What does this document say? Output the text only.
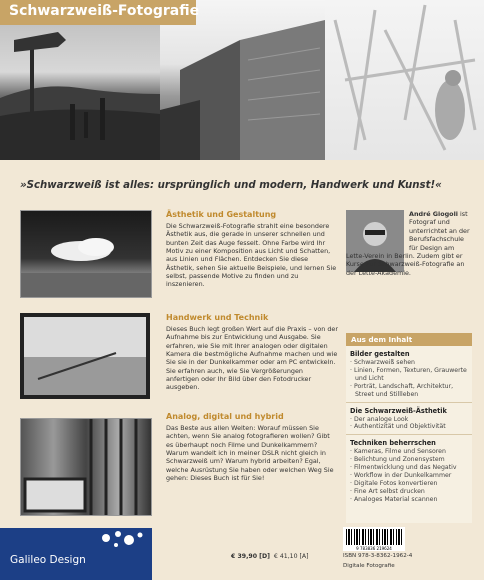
Schwarzweiß-Fotografie
»Schwarzweiß ist alles: ursprünglich und modern, Handwerk und Kunst!«
Ästhetik und Gestaltung

Die Schwarzweiß-Fotografie strahlt eine besondere Ästhetik aus, die gerade in unserer schnellen und bunten Zeit das Auge fesselt. Ohne Farbe wird Ihr Motiv zu einer Komposition aus Licht und Schatten, aus Linien und Flächen. Entdecken Sie diese Ästhetik, sehen Sie aktuelle Beispiele, und lernen Sie selbst, passende Motive zu finden und zu inszenieren.

Handwerk und Technik

Dieses Buch legt großen Wert auf die Praxis – von der Aufnahme bis zur Entwicklung und Ausgabe. Sie erfahren, wie Sie mit Ihrer analogen oder digitalen Kamera die bestmögliche Aufnahme machen und wie Sie sie in der Dunkelkammer oder am PC entwickeln. Sie erfahren auch, wie Sie Vergrößerungen anfertigen oder Ihr Bild über den Fotodrucker ausgeben.

Analog, digital und hybrid

Das Beste aus allen Welten: Worauf müssen Sie achten, wenn Sie analog fotografieren wollen? Gibt es überhaupt noch Filme und Dunkelkammern? Warum wandelt ich in meiner DSLR nicht gleich in Schwarzweiß um? Warum hybrid arbeiten? Egal, welche Ausrüstung Sie haben oder welchen Weg Sie gehen: Dieses Buch ist für Sie!

André Giogoli ist Fotograf und unterrichtet an der Berufsfachschule für Design am
Lette-Verein in Berlin. Zudem gibt er Kurse zur Schwarzweiß-Fotografie an der Lette-Akademie.
Aus dem Inhalt
Bilder gestalten
· Schwarzweiß sehen
· Linien, Formen, Texturen, Grauwerte und Licht
· Porträt, Landschaft, Architektur, Street und Stillleben
Die Schwarzweiß-Ästhetik
· Der analoge Look
· Authentizität und Objektivität
Techniken beherrschen
· Kameras, Filme und Sensoren
· Belichtung und Zonensystem
· Filmentwicklung und das Negativ
· Workflow in der Dunkelkammer
· Digitale Fotos konvertieren
· Fine Art selbst drucken
· Analoges Material scannen
Galileo Design	€ 39,90 [D] € 41,10 [A]
9 783836 219624
ISBN 978-3-8362-1962-4
Digitale Fotografie
